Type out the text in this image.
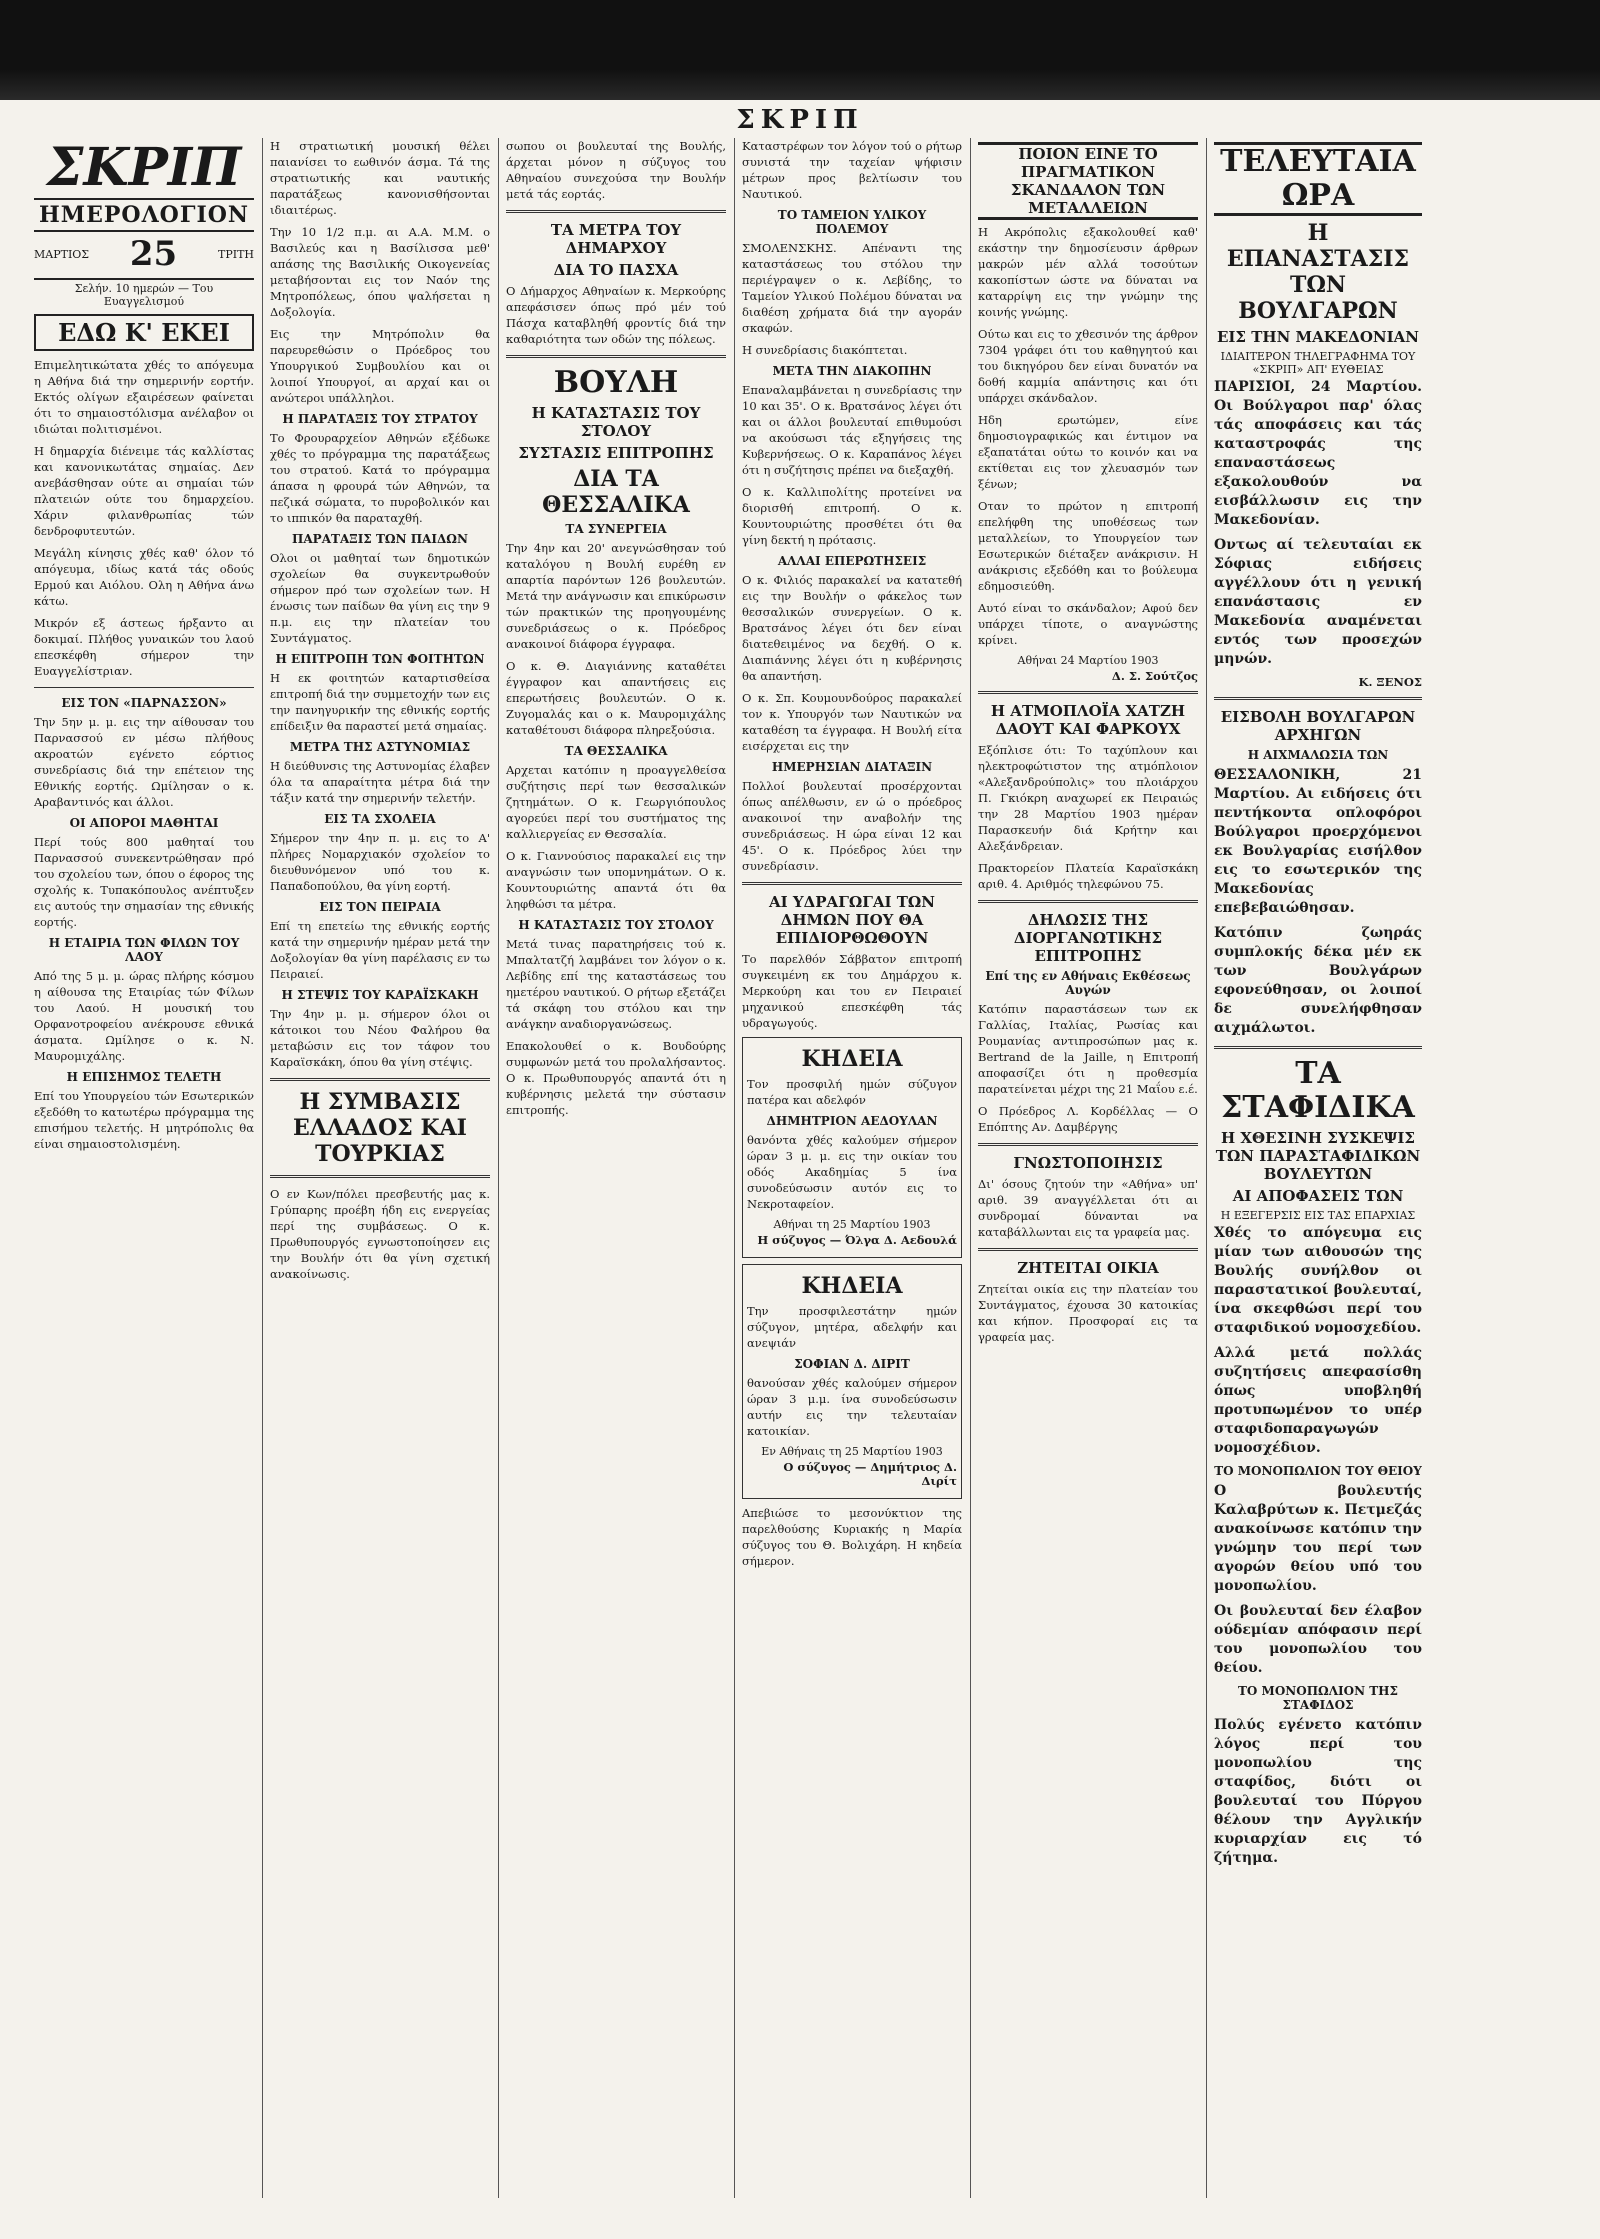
ΣΚΡΙΠ
ΣΚΡΙΠ
ΗΜΕΡΟΛΟΓΙΟΝ
ΜΑΡΤΙΟΣ 25	ΤΡΙΤΗ
Σελήν. 10 ημερών — Του Ευαγγελισμού
ΕΔΩ Κ' ΕΚΕΙ

Επιμελητικώτατα χθές το απόγευμα η Αθήνα διά την σημερινήν εορτήν. Εκτός ολίγων εξαιρέσεων φαίνεται ότι το σημαιοστόλισμα ανέλαβον οι ιδιώται πολιτισμένοι.

Η δημαρχία διένειμε τάς καλλίστας και κανονικωτάτας σημαίας. Δεν ανεβάσθησαν ούτε αι σημαίαι τών πλατειών ούτε του δημαρχείου. Χάριν φιλανθρωπίας τών δενδροφυτευτών.

Μεγάλη κίνησις χθές καθ' όλον τό απόγευμα, ιδίως κατά τάς οδούς Ερμού και Αιόλου. Ολη η Αθήνα άνω κάτω.

Μικρόν εξ άστεως ήρξαντο αι δοκιμαί. Πλήθος γυναικών του λαού επεσκέφθη σήμερον την Ευαγγελίστριαν.

ΕΙΣ ΤΟΝ «ΠΑΡΝΑΣΣΟΝ»

Την 5ην μ. μ. εις την αίθουσαν του Παρνασσού εν μέσω πλήθους ακροατών εγένετο εόρτιος συνεδρίασις διά την επέτειον της Εθνικής εορτής. Ωμίλησαν ο κ. Αραβαντινός και άλλοι.

ΟΙ ΑΠΟΡΟΙ ΜΑΘΗΤΑΙ

Περί τούς 800 μαθηταί του Παρνασσού συνεκεντρώθησαν πρό του σχολείου των, όπου ο έφορος της σχολής κ. Τυπακόπουλος ανέπτυξεν εις αυτούς την σημασίαν της εθνικής εορτής.

Η ΕΤΑΙΡΙΑ ΤΩΝ ΦΙΛΩΝ ΤΟΥ ΛΑΟΥ

Από της 5 μ. μ. ώρας πλήρης κόσμου η αίθουσα της Εταιρίας τών Φίλων του Λαού. Η μουσική του Ορφανοτροφείου ανέκρουσε εθνικά άσματα. Ωμίλησε ο κ. Ν. Μαυρομιχάλης.

Η ΕΠΙΣΗΜΟΣ ΤΕΛΕΤΗ

Επί του Υπουργείου τών Εσωτερικών εξεδόθη το κατωτέρω πρόγραμμα της επισήμου τελετής. Η μητρόπολις θα είναι σημαιοστολισμένη.

Η στρατιωτική μουσική θέλει παιανίσει το εωθινόν άσμα. Τά της στρατιωτικής και ναυτικής παρατάξεως κανονισθήσονται ιδιαιτέρως.

Την 10 1/2 π.μ. αι Α.Α. Μ.Μ. ο Βασιλεύς και η Βασίλισσα μεθ' απάσης της Βασιλικής Οικογενείας μεταβήσονται εις τον Ναόν της Μητροπόλεως, όπου ψαλήσεται η Δοξολογία.

Εις την Μητρόπολιν θα παρευρεθώσιν ο Πρόεδρος του Υπουργικού Συμβουλίου και οι λοιποί Υπουργοί, αι αρχαί και οι ανώτεροι υπάλληλοι.

Η ΠΑΡΑΤΑΞΙΣ ΤΟΥ ΣΤΡΑΤΟΥ

Το Φρουραρχείον Αθηνών εξέδωκε χθές το πρόγραμμα της παρατάξεως του στρατού. Κατά το πρόγραμμα άπασα η φρουρά τών Αθηνών, τα πεζικά σώματα, το πυροβολικόν και το ιππικόν θα παραταχθή.

ΠΑΡΑΤΑΞΙΣ ΤΩΝ ΠΑΙΔΩΝ

Ολοι οι μαθηταί των δημοτικών σχολείων θα συγκεντρωθούν σήμερον πρό των σχολείων των. Η ένωσις των παίδων θα γίνη εις την 9 π.μ. εις την πλατείαν του Συντάγματος.

Η ΕΠΙΤΡΟΠΗ ΤΩΝ ΦΟΙΤΗΤΩΝ

Η εκ φοιτητών καταρτισθείσα επιτροπή διά την συμμετοχήν των εις την πανηγυρικήν της εθνικής εορτής επίδειξιν θα παραστεί μετά σημαίας.

ΜΕΤΡΑ ΤΗΣ ΑΣΤΥΝΟΜΙΑΣ

Η διεύθυνσις της Αστυνομίας έλαβεν όλα τα απαραίτητα μέτρα διά την τάξιν κατά την σημερινήν τελετήν.

ΕΙΣ ΤΑ ΣΧΟΛΕΙΑ

Σήμερον την 4ην π. μ. εις το Α' πλήρες Νομαρχιακόν σχολείον το διευθυνόμενον υπό του κ. Παπαδοπούλου, θα γίνη εορτή.

ΕΙΣ ΤΟΝ ΠΕΙΡΑΙΑ

Επί τη επετείω της εθνικής εορτής κατά την σημερινήν ημέραν μετά την Δοξολογίαν θα γίνη παρέλασις εν τω Πειραιεί.

Η ΣΤΕΨΙΣ ΤΟΥ ΚΑΡΑΪΣΚΑΚΗ

Την 4ην μ. μ. σήμερον όλοι οι κάτοικοι του Νέου Φαλήρου θα μεταβώσιν εις τον τάφον του Καραϊσκάκη, όπου θα γίνη στέψις.

Η ΣΥΜΒΑΣΙΣ ΕΛΛΑΔΟΣ ΚΑΙ ΤΟΥΡΚΙΑΣ

Ο εν Κων/πόλει πρεσβευτής μας κ. Γρύπαρης προέβη ήδη εις ενεργείας περί της συμβάσεως. Ο κ. Πρωθυπουργός εγνωστοποίησεν εις την Βουλήν ότι θα γίνη σχετική ανακοίνωσις.

σωπου οι βουλευταί της Βουλής, άρχεται μόνον η σύζυγος του Αθηναίου συνεχούσα την Βουλήν μετά τάς εορτάς.

ΤΑ ΜΕΤΡΑ ΤΟΥ ΔΗΜΑΡΧΟΥ
ΔΙΑ ΤΟ ΠΑΣΧΑ

Ο Δήμαρχος Αθηναίων κ. Μερκούρης απεφάσισεν όπως πρό μέν τού Πάσχα καταβληθή φροντίς διά την καθαριότητα των οδών της πόλεως.

ΒΟΥΛΗ
Η ΚΑΤΑΣΤΑΣΙΣ ΤΟΥ ΣΤΟΛΟΥ
ΣΥΣΤΑΣΙΣ ΕΠΙΤΡΟΠΗΣ
ΔΙΑ ΤΑ ΘΕΣΣΑΛΙΚΑ
ΤΑ ΣΥΝΕΡΓΕΙΑ

Την 4ην και 20' ανεγνώσθησαν τού καταλόγου η Βουλή ευρέθη εν απαρτία παρόντων 126 βουλευτών. Μετά την ανάγνωσιν και επικύρωσιν τών πρακτικών της προηγουμένης συνεδριάσεως ο κ. Πρόεδρος ανακοινοί διάφορα έγγραφα.

Ο κ. Θ. Διαγιάννης καταθέτει έγγραφον και απαντήσεις εις επερωτήσεις βουλευτών. Ο κ. Ζυγομαλάς και ο κ. Μαυρομιχάλης καταθέτουσι διάφορα πληρεξούσια.

ΤΑ ΘΕΣΣΑΛΙΚΑ

Αρχεται κατόπιν η προαγγελθείσα συζήτησις περί των θεσσαλικών ζητημάτων. Ο κ. Γεωργιόπουλος αγορεύει περί του συστήματος της καλλιεργείας εν Θεσσαλία.

Ο κ. Γιαννούσιος παρακαλεί εις την αναγνώσιν των υπομνημάτων. Ο κ. Κουντουριώτης απαντά ότι θα ληφθώσι τα μέτρα.

Η ΚΑΤΑΣΤΑΣΙΣ ΤΟΥ ΣΤΟΛΟΥ

Μετά τινας παρατηρήσεις τού κ. Μπαλτατζή λαμβάνει τον λόγον ο κ. Λεβίδης επί της καταστάσεως του ημετέρου ναυτικού. Ο ρήτωρ εξετάζει τά σκάφη του στόλου και την ανάγκην αναδιοργανώσεως.

Επακολουθεί ο κ. Βουδούρης συμφωνών μετά του προλαλήσαντος. Ο κ. Πρωθυπουργός απαντά ότι η κυβέρνησις μελετά την σύστασιν επιτροπής.

Καταστρέφων τον λόγον τού ο ρήτωρ συνιστά την ταχείαν ψήφισιν μέτρων προς βελτίωσιν του Ναυτικού.

ΤΟ ΤΑΜΕΙΟΝ ΥΛΙΚΟΥ ΠΟΛΕΜΟΥ

ΣΜΟΛΕΝΣΚΗΣ. Απέναντι της καταστάσεως του στόλου την περιέγραψεν ο κ. Λεβίδης, το Ταμείον Υλικού Πολέμου δύναται να διαθέση χρήματα διά την αγοράν σκαφών.

Η συνεδρίασις διακόπτεται.

ΜΕΤΑ ΤΗΝ ΔΙΑΚΟΠΗΝ

Επαναλαμβάνεται η συνεδρίασις την 10 και 35'. Ο κ. Βρατσάνος λέγει ότι και οι άλλοι βουλευταί επιθυμούσι να ακούσωσι τάς εξηγήσεις της Κυβερνήσεως. Ο κ. Καραπάνος λέγει ότι η συζήτησις πρέπει να διεξαχθή.

Ο κ. Καλλιπολίτης προτείνει να διορισθή επιτροπή. Ο κ. Κουντουριώτης προσθέτει ότι θα γίνη δεκτή η πρότασις.

ΑΛΛΑΙ ΕΠΕΡΩΤΗΣΕΙΣ

Ο κ. Φιλιός παρακαλεί να κατατεθή εις την Βουλήν ο φάκελος των θεσσαλικών συνεργείων. Ο κ. Βρατσάνος λέγει ότι δεν είναι διατεθειμένος να δεχθή. Ο κ. Διαπιάννης λέγει ότι η κυβέρνησις θα απαντήση.

Ο κ. Σπ. Κουμουνδούρος παρακαλεί τον κ. Υπουργόν των Ναυτικών να καταθέση τα έγγραφα. Η Βουλή είτα εισέρχεται εις την

ΗΜΕΡΗΣΙΑΝ ΔΙΑΤΑΞΙΝ

Πολλοί βουλευταί προσέρχονται όπως απέλθωσιν, εν ώ ο πρόεδρος ανακοινοί την αναβολήν της συνεδριάσεως. Η ώρα είναι 12 και 45'. Ο κ. Πρόεδρος λύει την συνεδρίασιν.

ΑΙ ΥΔΡΑΓΩΓΑΙ ΤΩΝ ΔΗΜΩΝ ΠΟΥ ΘΑ ΕΠΙΔΙΟΡΘΩΘΟΥΝ

Το παρελθόν Σάββατον επιτροπή συγκειμένη εκ του Δημάρχου κ. Μερκούρη και του εν Πειραιεί μηχανικού επεσκέφθη τάς υδραγωγούς.

ΚΗΔΕΙΑ

Τον προσφιλή ημών σύζυγον πατέρα και αδελφόν

ΔΗΜΗΤΡΙΟΝ ΑΕΔΟΥΛΑΝ

θανόντα χθές καλούμεν σήμερον ώραν 3 μ. μ. εις την οικίαν του οδός Ακαδημίας 5 ίνα συνοδεύσωσιν αυτόν εις το Νεκροταφείον.

Αθήναι τη 25 Μαρτίου 1903
Η σύζυγος — Όλγα Δ. Αεδουλά
ΚΗΔΕΙΑ

Την προσφιλεστάτην ημών σύζυγον, μητέρα, αδελφήν και ανεψιάν

ΣΟΦΙΑΝ Δ. ΔΙΡΙΤ

θανούσαν χθές καλούμεν σήμερον ώραν 3 μ.μ. ίνα συνοδεύσωσιν αυτήν εις την τελευταίαν κατοικίαν.

Εν Αθήναις τη 25 Μαρτίου 1903
Ο σύζυγος — Δημήτριος Δ. Διρίτ

Απεβιώσε το μεσονύκτιον της παρελθούσης Κυριακής η Μαρία σύζυγος του Θ. Βολιχάρη. Η κηδεία σήμερον.

ΠΟΙΟΝ ΕΙΝΕ ΤΟ ΠΡΑΓΜΑΤΙΚΟΝ ΣΚΑΝΔΑΛΟΝ ΤΩΝ ΜΕΤΑΛΛΕΙΩΝ

Η Ακρόπολις εξακολουθεί καθ' εκάστην την δημοσίευσιν άρθρων μακρών μέν αλλά τοσούτων κακοπίστων ώστε να δύναται να καταρρίψη εις την γνώμην της κοινής γνώμης.

Ούτω και εις το χθεσινόν της άρθρον 7304 γράφει ότι του καθηγητού και του δικηγόρου δεν είναι δυνατόν να δοθή καμμία απάντησις και ότι υπάρχει σκάνδαλον.

Ηδη ερωτώμεν, είνε δημοσιογραφικώς και έντιμον να εξαπατάται ούτω το κοινόν και να εκτίθεται εις τον χλευασμόν των ξένων;

Οταν το πρώτον η επιτροπή επελήφθη της υποθέσεως των μεταλλείων, το Υπουργείον των Εσωτερικών διέταξεν ανάκρισιν. Η ανάκρισις εξεδόθη και το βούλευμα εδημοσιεύθη.

Αυτό είναι το σκάνδαλον; Αφού δεν υπάρχει τίποτε, ο αναγνώστης κρίνει.

Αθήναι 24 Μαρτίου 1903
Δ. Σ. Σούτζος
Η ΑΤΜΟΠΛΟΪΑ ΧΑΤΖΗ ΔΑΟΥΤ ΚΑΙ ΦΑΡΚΟΥΧ

Εξόπλισε ότι: Το ταχύπλουν και ηλεκτροφώτιστον της ατμόπλοιον «Αλεξανδρούπολις» του πλοιάρχου Π. Γκιόκρη αναχωρεί εκ Πειραιώς την 28 Μαρτίου 1903 ημέραν Παρασκευήν διά Κρήτην και Αλεξάνδρειαν.

Πρακτορείον Πλατεία Καραϊσκάκη αριθ. 4. Αριθμός τηλεφώνου 75.

ΔΗΛΩΣΙΣ ΤΗΣ ΔΙΟΡΓΑΝΩΤΙΚΗΣ ΕΠΙΤΡΟΠΗΣ
Επί της εν Αθήναις Εκθέσεως Αυγών

Κατόπιν παραστάσεων των εκ Γαλλίας, Ιταλίας, Ρωσίας και Ρουμανίας αντιπροσώπων μας κ. Bertrand de la Jaille, η Επιτροπή αποφασίζει ότι η προθεσμία παρατείνεται μέχρι της 21 Μαΐου ε.έ.

Ο Πρόεδρος Λ. Κορδέλλας — Ο Επόπτης Αν. Δαμβέργης

ΓΝΩΣΤΟΠΟΙΗΣΙΣ

Δι' όσους ζητούν την «Αθήνα» υπ' αριθ. 39 αναγγέλλεται ότι αι συνδρομαί δύνανται να καταβάλλωνται εις τα γραφεία μας.

ΖΗΤΕΙΤΑΙ ΟΙΚΙΑ

Ζητείται οικία εις την πλατείαν του Συντάγματος, έχουσα 30 κατοικίας και κήπον. Προσφοραί εις τα γραφεία μας.

ΤΕΛΕΥΤΑΙΑ ΩΡΑ
Η ΕΠΑΝΑΣΤΑΣΙΣ ΤΩΝ ΒΟΥΛΓΑΡΩΝ
ΕΙΣ ΤΗΝ ΜΑΚΕΔΟΝΙΑΝ
ΙΔΙΑΙΤΕΡΟΝ ΤΗΛΕΓΡΑΦΗΜΑ ΤΟΥ «ΣΚΡΙΠ» ΑΠ' ΕΥΘΕΙΑΣ

ΠΑΡΙΣΙΟΙ, 24 Μαρτίου. Οι Βούλγαροι παρ' όλας τάς αποφάσεις και τάς καταστροφάς της επαναστάσεως εξακολουθούν να εισβάλλωσιν εις την Μακεδονίαν.

Οντως αί τελευταίαι εκ Σόφιας ειδήσεις αγγέλλουν ότι η γενική επανάστασις εν Μακεδονία αναμένεται εντός των προσεχών μηνών.

Κ. ΞΕΝΟΣ
ΕΙΣΒΟΛΗ ΒΟΥΛΓΑΡΩΝ ΑΡΧΗΓΩΝ
Η ΑΙΧΜΑΛΩΣΙΑ ΤΩΝ

ΘΕΣΣΑΛΟΝΙΚΗ, 21 Μαρτίου. Αι ειδήσεις ότι πεντήκοντα οπλοφόροι Βούλγαροι προερχόμενοι εκ Βουλγαρίας εισήλθον εις το εσωτερικόν της Μακεδονίας επεβεβαιώθησαν.

Κατόπιν ζωηράς συμπλοκής δέκα μέν εκ των Βουλγάρων εφονεύθησαν, οι λοιποί δε συνελήφθησαν αιχμάλωτοι.

ΤΑ ΣΤΑΦΙΔΙΚΑ
Η ΧΘΕΣΙΝΗ ΣΥΣΚΕΨΙΣ ΤΩΝ ΠΑΡΑΣΤΑΦΙΔΙΚΩΝ ΒΟΥΛΕΥΤΩΝ
ΑΙ ΑΠΟΦΑΣΕΙΣ ΤΩΝ
Η ΕΞΕΓΕΡΣΙΣ ΕΙΣ ΤΑΣ ΕΠΑΡΧΙΑΣ

Χθές το απόγευμα εις μίαν των αιθουσών της Βουλής συνήλθον οι παραστατικοί βουλευταί, ίνα σκεφθώσι περί του σταφιδικού νομοσχεδίου.

Αλλά μετά πολλάς συζητήσεις απεφασίσθη όπως υποβληθή προτυπωμένον το υπέρ σταφιδοπαραγωγών νομοσχέδιον.

ΤΟ ΜΟΝΟΠΩΛΙΟΝ ΤΟΥ ΘΕΙΟΥ

Ο βουλευτής Καλαβρύτων κ. Πετμεζάς ανακοίνωσε κατόπιν την γνώμην του περί των αγορών θείου υπό του μονοπωλίου.

Οι βουλευταί δεν έλαβον ούδεμίαν απόφασιν περί του μονοπωλίου του θείου.

ΤΟ ΜΟΝΟΠΩΛΙΟΝ ΤΗΣ ΣΤΑΦΙΔΟΣ

Πολύς εγένετο κατόπιν λόγος περί του μονοπωλίου της σταφίδος, διότι οι βουλευταί του Πύργου θέλουν την Αγγλικήν κυριαρχίαν εις τό ζήτημα.
